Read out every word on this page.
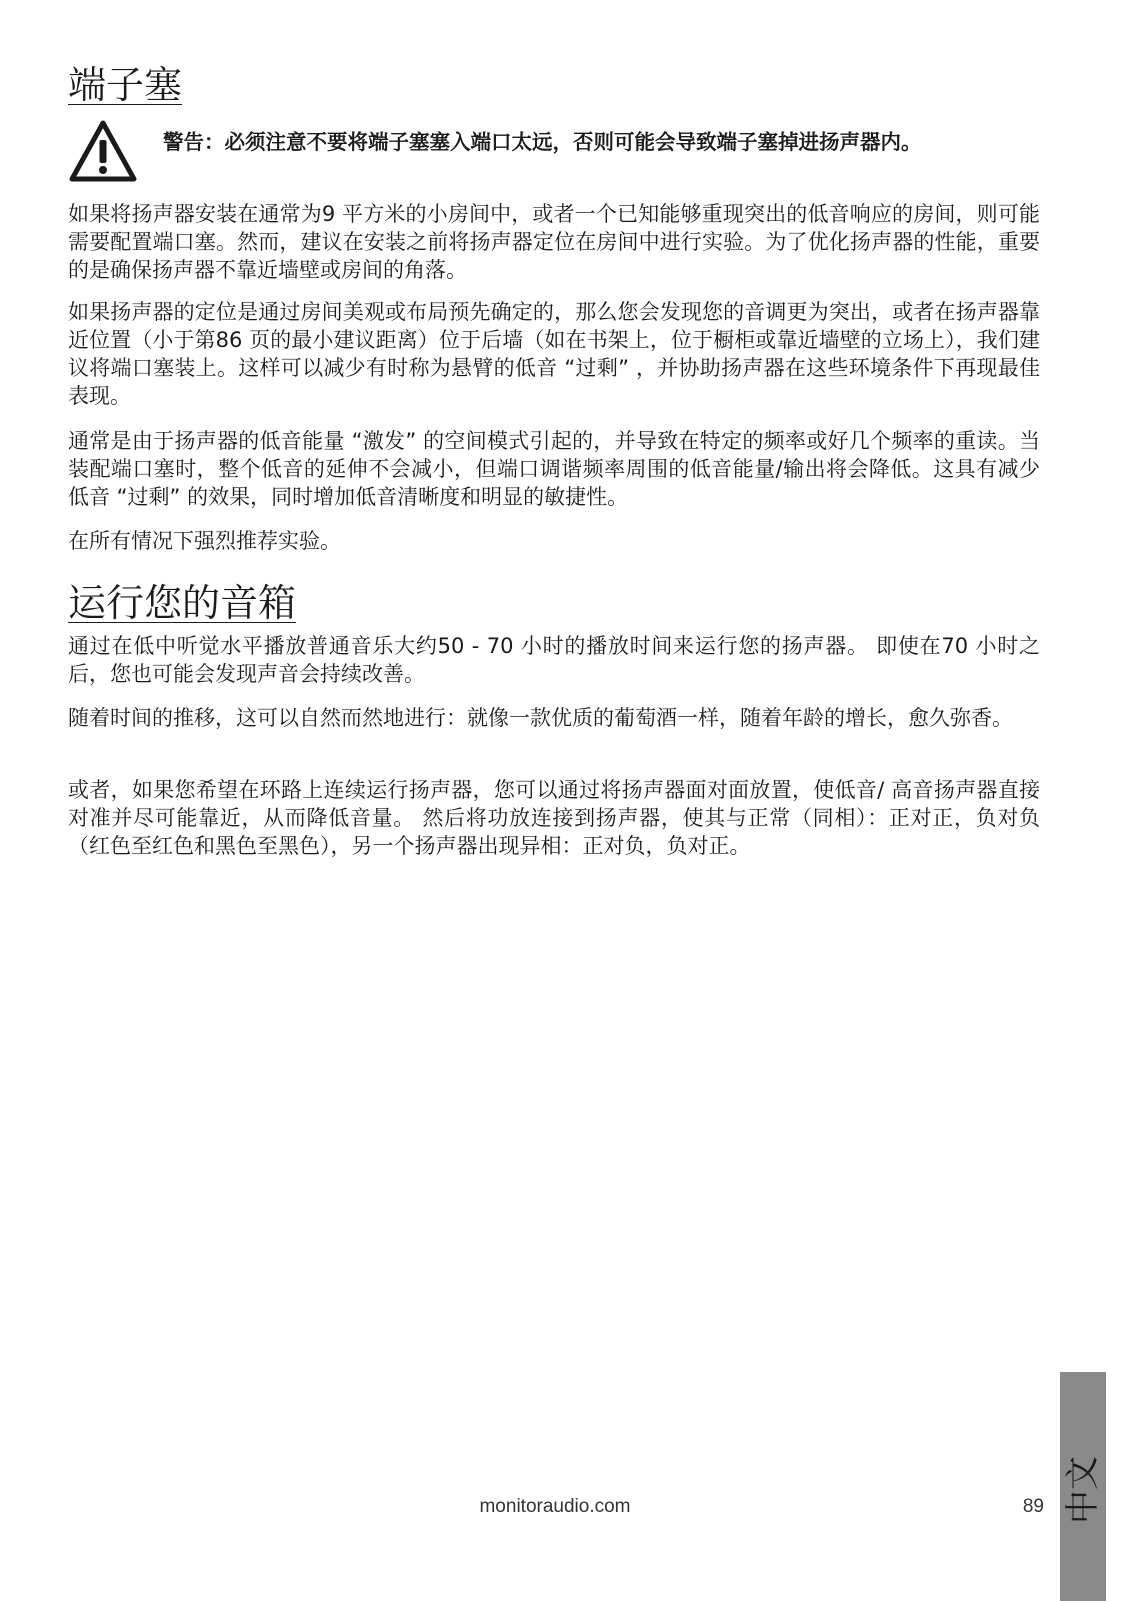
端子塞

警告：必须注意不要将端子塞塞入端口太远，否则可能会导致端子塞掉进扬声器内。

如果将扬声器安装在通常为9 平方米的小房间中，或者一个已知能够重现突出的低音响应的房间，则可能需要配置端口塞。然而，建议在安装之前将扬声器定位在房间中进行实验。为了优化扬声器的性能，重要的是确保扬声器不靠近墙壁或房间的角落。

如果扬声器的定位是通过房间美观或布局预先确定的，那么您会发现您的音调更为突出，或者在扬声器靠近位置（小于第86 页的最小建议距离）位于后墙（如在书架上，位于橱柜或靠近墙壁的立场上），我们建议将端口塞装上。这样可以减少有时称为悬臂的低音 “过剩” ，并协助扬声器在这些环境条件下再现最佳表现。

通常是由于扬声器的低音能量 “激发” 的空间模式引起的，并导致在特定的频率或好几个频率的重读。当装配端口塞时，整个低音的延伸不会减小，但端口调谐频率周围的低音能量/输出将会降低。这具有减少低音 “过剩” 的效果，同时增加低音清晰度和明显的敏捷性。

在所有情况下强烈推荐实验。

运行您的音箱

通过在低中听觉水平播放普通音乐大约50 - 70 小时的播放时间来运行您的扬声器。 即使在70 小时之后，您也可能会发现声音会持续改善。

随着时间的推移，这可以自然而然地进行：就像一款优质的葡萄酒一样，随着年龄的增长，愈久弥香。

或者，如果您希望在环路上连续运行扬声器，您可以通过将扬声器面对面放置，使低音/ 高音扬声器直接对准并尽可能靠近，从而降低音量。 然后将功放连接到扬声器，使其与正常（同相）：正对正，负对负（红色至红色和黑色至黑色），另一个扬声器出现异相：正对负，负对正。

monitoraudio.com	89 中文
